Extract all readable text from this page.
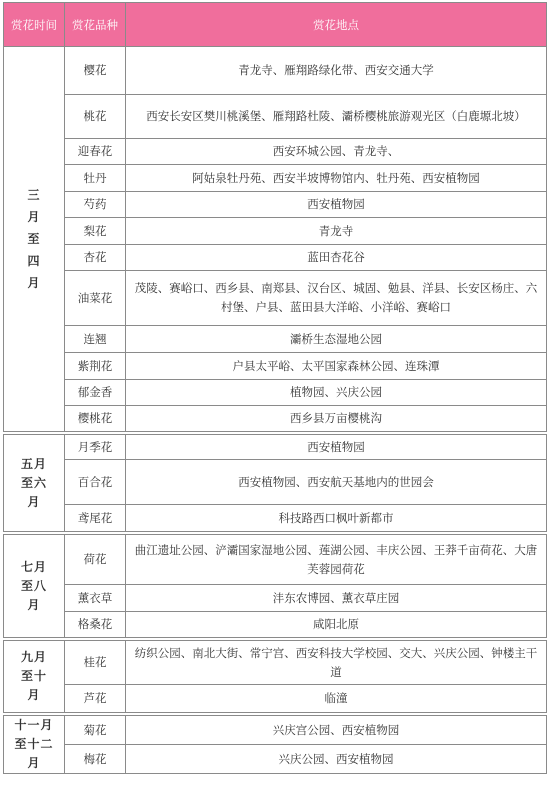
赏花时间	赏花品种	赏花地点

三月至四月	樱花	青龙寺、雁翔路绿化带、西安交通大学
	桃花	西安长安区樊川桃溪堡、雁翔路杜陵、灞桥樱桃旅游观光区（白鹿塬北坡）
	迎春花	西安环城公园、青龙寺、
	牡丹	阿姑泉牡丹苑、西安半坡博物馆内、牡丹苑、西安植物园
	芍药	西安植物园
	梨花	青龙寺
	杏花	蓝田杏花谷
	油菜花	茂陵、赛峪口、西乡县、南郑县、汉台区、城固、勉县、洋县、长安区杨庄、六村堡、户县、蓝田县大洋峪、小洋峪、赛峪口
	连翘	灞桥生态湿地公园
	紫荆花	户县太平峪、太平国家森林公园、连珠潭
	郁金香	植物园、兴庆公园
	樱桃花	西乡县万亩樱桃沟

五月至六月	月季花	西安植物园
	百合花	西安植物园、西安航天基地内的世园会
	鸢尾花	科技路西口枫叶新都市

七月至八月	荷花	曲江遗址公园、浐灞国家湿地公园、莲湖公园、丰庆公园、王莽千亩荷花、大唐芙蓉园荷花
	薰衣草	沣东农博园、薰衣草庄园
	格桑花	咸阳北原

九月至十月	桂花	纺织公园、南北大街、常宁宫、西安科技大学校园、交大、兴庆公园、钟楼主干道
	芦花	临潼

十一月至十二月	菊花	兴庆宫公园、西安植物园
	梅花	兴庆公园、西安植物园
